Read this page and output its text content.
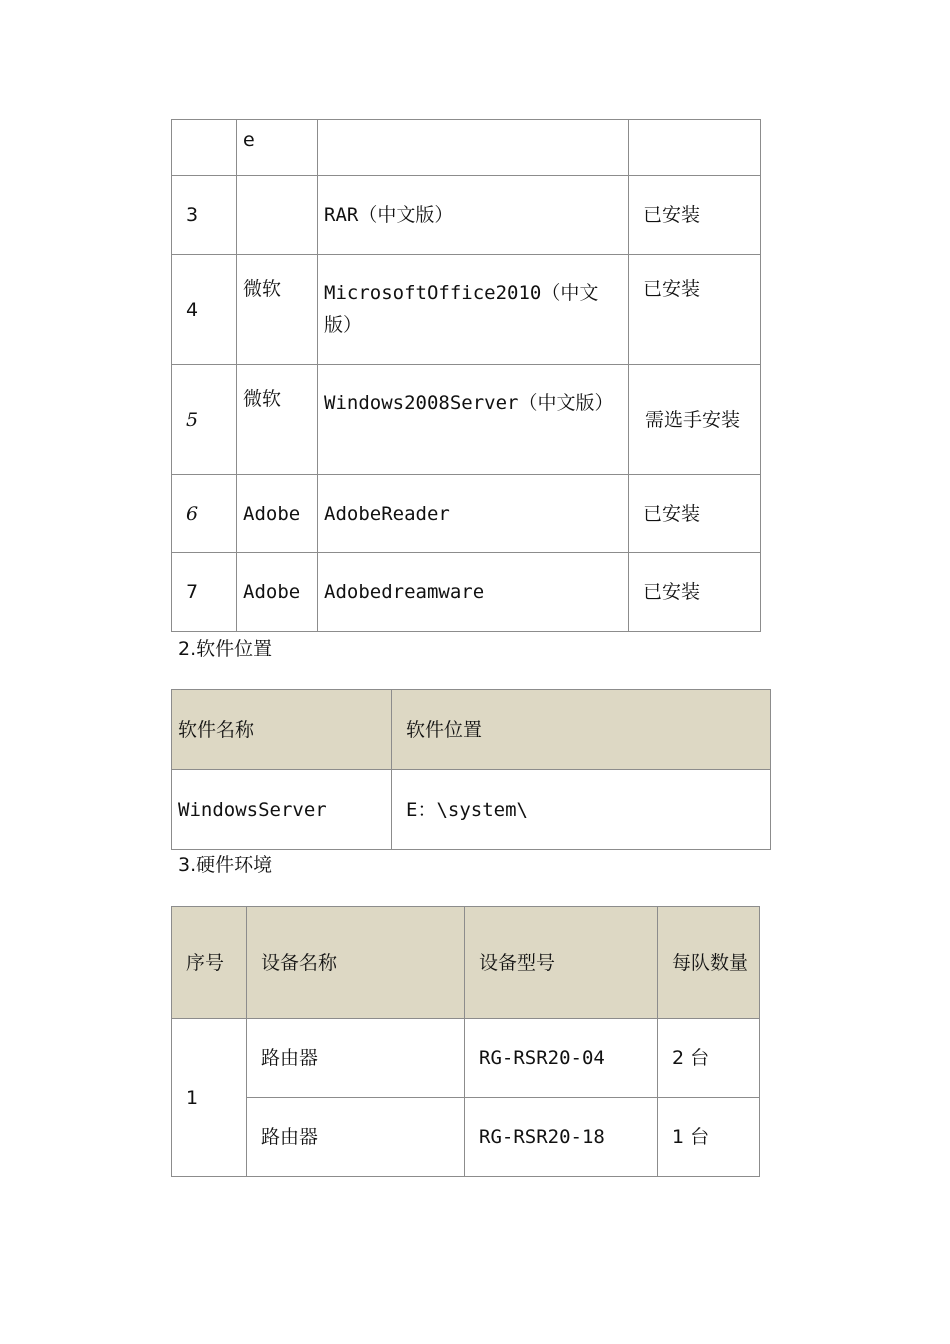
	e		
3		RAR（中文版）	已安装
4	微软	MicrosoftOffice2010（中文版）	已安装
5	微软	Windows2008Server（中文版）	需选手安装
6	Adobe	AdobeReader	已安装
7	Adobe	Adobedreamware	已安装
2.软件位置
软件名称	软件位置
WindowsServer	E：\system\
3.硬件环境
序号	设备名称	设备型号	每队数量
1	路由器	RG-RSR20-04	2 台
	路由器	RG-RSR20-18	1 台
